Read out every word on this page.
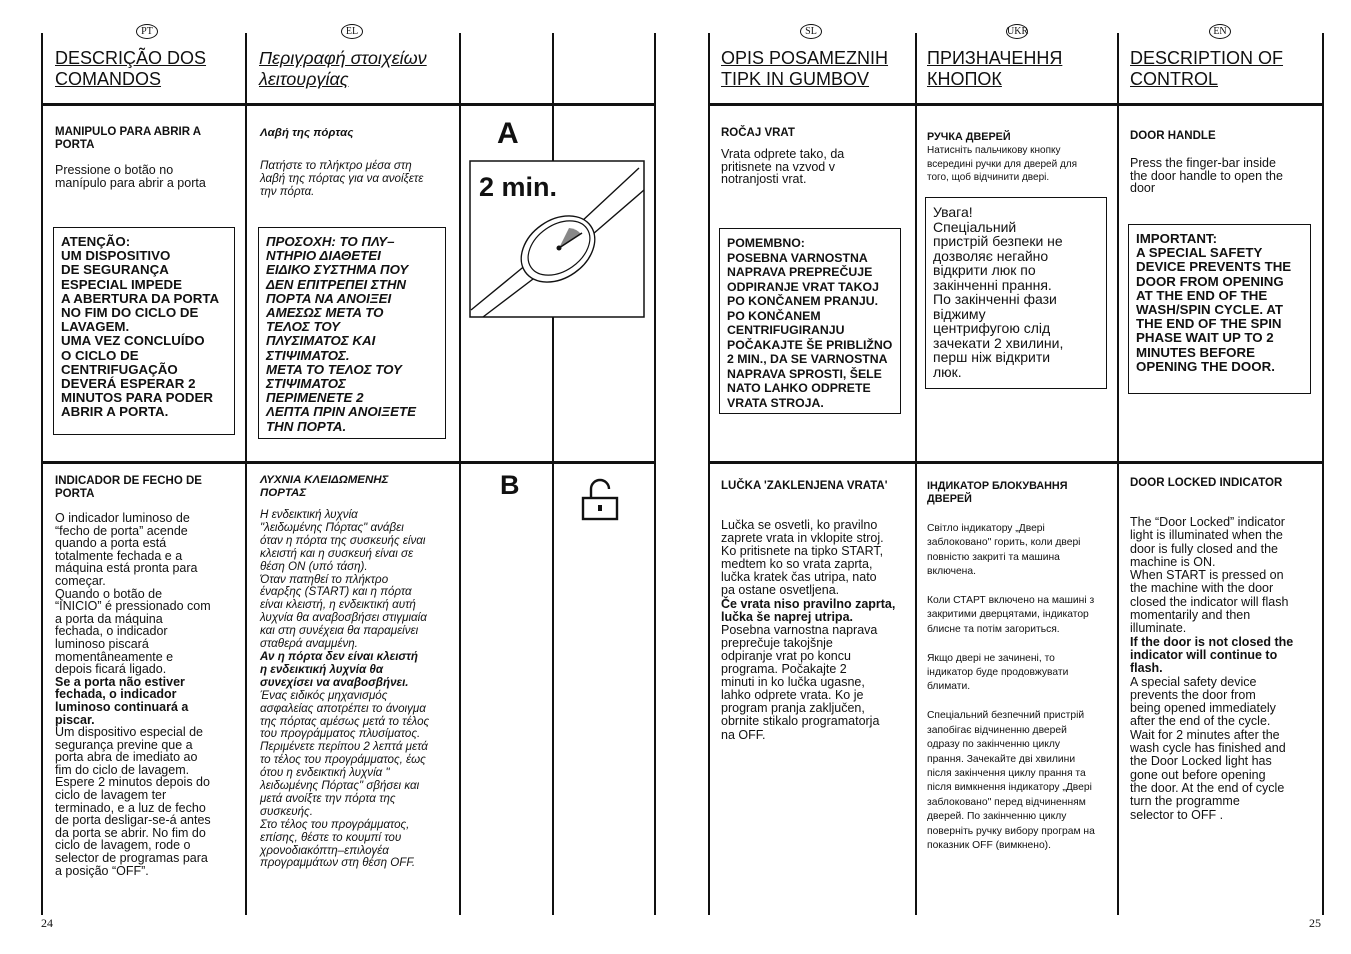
PT	EL
DESCRIÇÃO DOS
COMANDOS
Περιγραφή στοιχείων
λειτουργίας
MANIPULO PARA ABRIR A
PORTA
Pressione o botão no
manípulo para abrir a porta
ATENÇÃO:
UM DISPOSITIVO
DE SEGURANÇA
ESPECIAL IMPEDE
A ABERTURA DA PORTA
NO FIM DO CICLO DE
LAVAGEM.
UMA VEZ CONCLUÍDO
O CICLO DE
CENTRIFUGAÇÃO
DEVERÁ ESPERAR 2
MINUTOS PARA PODER
ABRIR A PORTA.
Λαβή της πόρτας
Πατήστε το πλήκτρο μέσα στη
λαβή της πόρτας για να ανοίξετε
την πόρτα.
ΠΡΟΣΟΧΗ: ΤΟ ΠΛΥ–
ΝΤΗΡΙΟ ΔΙΑΘΕΤΕΙ
ΕΙΔΙΚΟ ΣΥΣΤΗΜΑ ΠΟΥ
ΔΕΝ ΕΠΙΤΡΕΠΕΙ ΣΤΗΝ
ΠΟΡΤΑ ΝΑ ΑΝΟΙΞΕΙ
ΑΜΕΣΩΣ ΜΕΤΑ ΤΟ
ΤΕΛΟΣ ΤΟΥ
ΠΛΥΣΙΜΑΤΟΣ ΚΑΙ
ΣΤΙΨΙΜΑΤΟΣ.
ΜΕΤΑ ΤΟ ΤΕΛΟΣ ΤΟΥ
ΣΤΙΨΙΜΑΤΟΣ
ΠΕΡΙΜΕΝΕΤΕ 2
ΛΕΠΤΑ ΠΡΙΝ ΑΝΟΙΞΕΤΕ
ΤΗΝ ΠΟΡΤΑ.
A
2 min.
INDICADOR DE FECHO DE
PORTA
O indicador luminoso de
“fecho de porta” acende
quando a porta está
totalmente fechada e a
máquina está pronta para
começar.
Quando o botão de
“INICIO” é pressionado com
a porta da máquina
fechada, o indicador
luminoso piscará
momentâneamente e
depois ficará ligado.
Se a porta não estiver
fechada, o indicador
luminoso continuará a
piscar.
Um dispositivo especial de
segurança previne que a
porta abra de imediato ao
fim do ciclo de lavagem.
Espere 2 minutos depois do
ciclo de lavagem ter
terminado, e a luz de fecho
de porta desligar-se-á antes
da porta se abrir. No fim do
ciclo de lavagem, rode o
selector de programas para
a posição “OFF”.
ΛΥΧΝΙΑ ΚΛΕΙΔΩΜΕΝΗΣ
ΠΟΡΤΑΣ
Η ενδεικτική λυχνία
"λειδωμένης Πόρτας" ανάβει
όταν η πόρτα της συσκευής είναι
κλειστή και η συσκευή είναι σε
θέση ON (υπό τάση).
Όταν πατηθεί το πλήκτρο
έναρξης (START) και η πόρτα
είναι κλειστή, η ενδεικτική αυτή
λυχνία θα αναβοσβήσει στιγμιαία
και στη συνέχεια θα παραμείνει
σταθερά αναμμένη.
Αν η πόρτα δεν είναι κλειστή
η ενδεικτική λυχνία θα
συνεχίσει να αναβοσβήνει.
Ένας ειδικός μηχανισμός
ασφαλείας αποτρέπει το άνοιγμα
της πόρτας αμέσως μετά το τέλος
του προγράμματος πλυσίματος.
Περιμένετε περίπου 2 λεπτά μετά
το τέλος του προγράμματος, έως
ότου η ενδεικτική λυχνία "
λειδωμένης Πόρτας" σβήσει και
μετά ανοίξτε την πόρτα της
συσκευής.
Στο τέλος του προγράμματος,
επίσης, θέστε το κουμπί του
χρονοδιακόπτη–επιλογέα
προγραμμάτων στη θέση OFF.
B
24
SL	UKR	EN
OPIS POSAMEZNIH
TIPK IN GUMBOV
ПРИЗНАЧЕННЯ
КНОПОК
DESCRIPTION OF
CONTROL
ROČAJ VRAT
Vrata odprete tako, da
pritisnete na vzvod v
notranjosti vrat.
POMEMBNO:
POSEBNA VARNOSTNA
NAPRAVA PREPREČUJE
ODPIRANJE VRAT TAKOJ
PO KONČANEM PRANJU.
PO KONČANEM
CENTRIFUGIRANJU
POČAKAJTE ŠE PRIBLIŽNO
2 MIN., DA SE VARNOSTNA
NAPRAVA SPROSTI, ŠELE
NATO LAHKO ODPRETE
VRATA STROJA.
РУЧКА ДВЕРЕЙ
Натисніть пальчикову кнопку
всередині ручки для дверей для
того, щоб відчинити двері.
Увага!
Спеціальний
пристрій безпеки не
дозволяє негайно
відкрити люк по
закінченні прання.
По закінченні фази
віджиму
центрифугою слід
зачекати 2 хвилини,
перш ніж відкрити
люк.
DOOR HANDLE
Press the finger-bar inside
the door handle to open the
door
IMPORTANT:
A SPECIAL SAFETY
DEVICE PREVENTS THE
DOOR FROM OPENING
AT THE END OF THE
WASH/SPIN CYCLE. AT
THE END OF THE SPIN
PHASE WAIT UP TO 2
MINUTES BEFORE
OPENING THE DOOR.
LUČKA 'ZAKLENJENA VRATA'
Lučka se osvetli, ko pravilno
zaprete vrata in vklopite stroj.
Ko pritisnete na tipko START,
medtem ko so vrata zaprta,
lučka kratek čas utripa, nato
pa ostane osvetljena.
Če vrata niso pravilno zaprta,
lučka še naprej utripa.
Posebna varnostna naprava
preprečuje takojšnje
odpiranje vrat po koncu
programa. Počakajte 2
minuti in ko lučka ugasne,
lahko odprete vrata. Ko je
program pranja zaključen,
obrnite stikalo programatorja
na OFF.
ІНДИКАТОР БЛОКУВАННЯ
ДВЕРЕЙ
Світло індикатору „Двері
заблоковано" горить, коли двері
повністю закриті та машина
включена.

Коли СТАРТ включено на машині з
закритими дверцятами, індикатор
блисне та потім загориться.

Якщо двері не зачинені, то
індикатор буде продовжувати
блимати.

Спеціальний безпечний пристрій
запобігає відчиненню дверей
одразу по закінченню циклу
прання. Зачекайте дві хвилини
після закінчення циклу прання та
після вимкнення індикатору „Двері
заблоковано" перед відчиненням
дверей. По закінченню циклу
поверніть ручку вибору програм на
показник OFF (вимкнено).
DOOR LOCKED INDICATOR
The “Door Locked” indicator
light is illuminated when the
door is fully closed and the
machine is ON.
When START is pressed on
the machine with the door
closed the indicator will flash
momentarily and then
illuminate.
If the door is not closed the
indicator will continue to
flash.
A special safety device
prevents the door from
being opened immediately
after the end of the cycle.
Wait for 2 minutes after the
wash cycle has finished and
the Door Locked light has
gone out before opening
the door. At the end of cycle
turn the programme
selector to OFF .
25
